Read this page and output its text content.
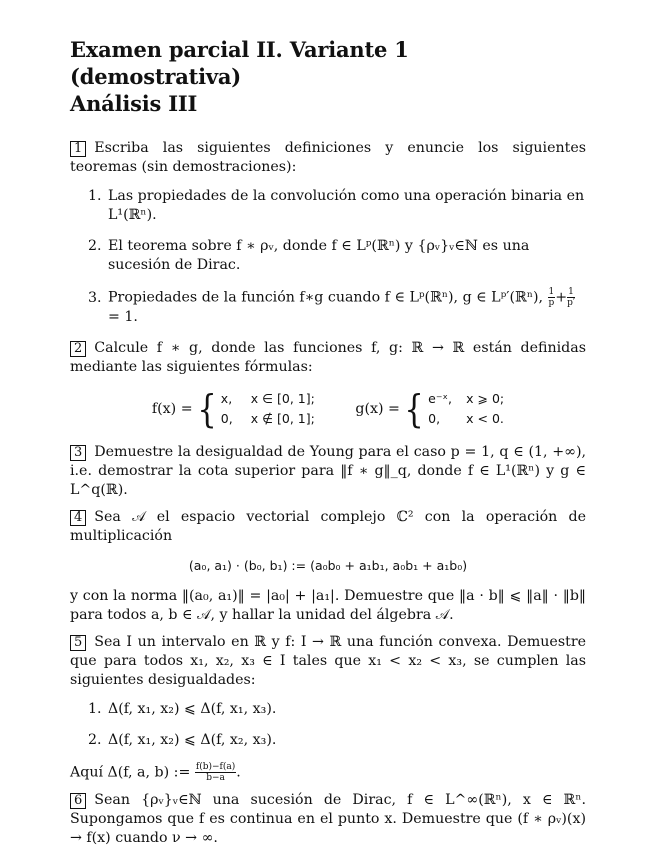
Examen parcial II. Variante 1 (demostrativa)
Análisis III

1 Escriba las siguientes definiciones y enuncie los siguientes teoremas (sin demostraciones):

1. Las propiedades de la convolución como una operación binaria en L¹(ℝⁿ).
2. El teorema sobre f ∗ ρᵥ, donde f ∈ Lᵖ(ℝⁿ) y {ρᵥ}ᵥ∈ℕ es una sucesión de Dirac.
3. Propiedades de la función f∗g cuando f ∈ Lᵖ(ℝⁿ), g ∈ Lᵖ′(ℝⁿ), $\frac{1}{p} + \frac{1}{p'}$
= 1.

2 Calcule f ∗ g, donde las funciones f, g: ℝ → ℝ están definidas mediante las siguientes fórmulas:

f(x) = { x, x ∈ [0, 1];
0, x ∉ [0, 1];

g(x) = { e⁻ˣ, x ⩾ 0;
0, x < 0.

3 Demuestre la desigualdad de Young para el caso p = 1, q ∈ (1, +∞), i.e. demostrar la cota superior para ‖f ∗ g‖_q, donde f ∈ L¹(ℝⁿ) y g ∈ L^q(ℝ).

4 Sea 𝒜 el espacio vectorial complejo ℂ² con la operación de multiplicación

(a₀, a₁) · (b₀, b₁) := (a₀b₀ + a₁b₁, a₀b₁ + a₁b₀)

y con la norma ‖(a₀, a₁)‖ = |a₀| + |a₁|. Demuestre que ‖a · b‖ ⩽ ‖a‖ · ‖b‖ para todos a, b ∈ 𝒜, y hallar la unidad del álgebra 𝒜.

5 Sea I un intervalo en ℝ y f: I → ℝ una función convexa. Demuestre que para todos x₁, x₂, x₃ ∈ I tales que x₁ < x₂ < x₃, se cumplen las siguientes desigualdades:

1. Δ(f, x₁, x₂) ⩽ Δ(f, x₁, x₃).
2. Δ(f, x₁, x₂) ⩽ Δ(f, x₂, x₃).

Aquí Δ(f, a, b) := $\frac{f(b)-f(a)}{b-a}$ .

6 Sean {ρᵥ}ᵥ∈ℕ una sucesión de Dirac, f ∈ L^∞(ℝⁿ), x ∈ ℝⁿ. Supongamos que f es continua en el punto x. Demuestre que (f ∗ ρᵥ)(x) → f(x) cuando ν → ∞.
